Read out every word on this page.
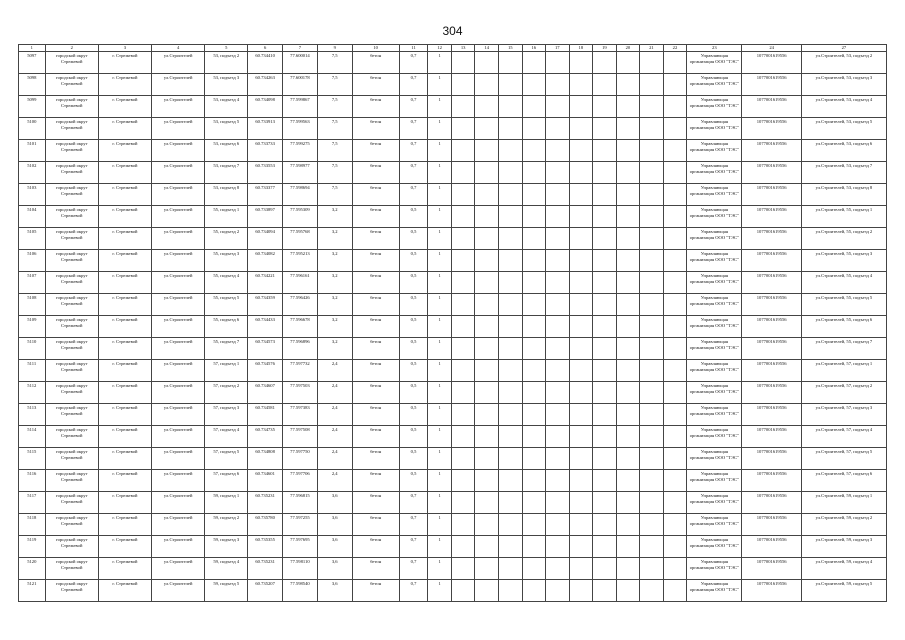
304
1	2	3	4	5	6	7	9	10	11	12	13	14	15	16	17	18	19	20	21	22	23	24	27
5097	городской округ Стрежевой	г. Стрежевой	ул.Строителей	53, подъезд 2	60.734410	77.600014	7,5	бетон	0,7	1											Управляющая организация ООО "ТЭС"	1077001619556	ул.Строителей, 53, подъезд 2
5098	городской округ Стрежевой	г. Стрежевой	ул.Строителей	53, подъезд 3	60.734263	77.600178	7,5	бетон	0,7	1											Управляющая организация ООО "ТЭС"	1077001619556	ул.Строителей, 53, подъезд 3
5099	городской округ Стрежевой	г. Стрежевой	ул.Строителей	53, подъезд 4	60.734098	77.599867	7,5	бетон	0,7	1											Управляющая организация ООО "ТЭС"	1077001619556	ул.Строителей, 53, подъезд 4
5100	городской округ Стрежевой	г. Стрежевой	ул.Строителей	53, подъезд 5	60.733913	77.599563	7,5	бетон	0,7	1											Управляющая организация ООО "ТЭС"	1077001619556	ул.Строителей, 53, подъезд 5
5101	городской округ Стрежевой	г. Стрежевой	ул.Строителей	53, подъезд 6	60.733733	77.599275	7,5	бетон	0,7	1											Управляющая организация ООО "ТЭС"	1077001619556	ул.Строителей, 53, подъезд 6
5102	городской округ Стрежевой	г. Стрежевой	ул.Строителей	53, подъезд 7	60.733553	77.598977	7,5	бетон	0,7	1											Управляющая организация ООО "ТЭС"	1077001619556	ул.Строителей, 53, подъезд 7
5103	городской округ Стрежевой	г. Стрежевой	ул.Строителей	53, подъезд 8	60.733377	77.598694	7,5	бетон	0,7	1											Управляющая организация ООО "ТЭС"	1077001619556	ул.Строителей, 53, подъезд 8
5104	городской округ Стрежевой	г. Стрежевой	ул.Строителей	55, подъезд 1	60.733897	77.595309	3,2	бетон	0,5	1											Управляющая организация ООО "ТЭС"	1077001619556	ул.Строителей, 55, подъезд 1
5105	городской округ Стрежевой	г. Стрежевой	ул.Строителей	55, подъезд 2	60.734094	77.595768	3,2	бетон	0,5	1											Управляющая организация ООО "ТЭС"	1077001619556	ул.Строителей, 55, подъезд 2
5106	городской округ Стрежевой	г. Стрежевой	ул.Строителей	55, подъезд 3	60.734082	77.595213	3,2	бетон	0,5	1											Управляющая организация ООО "ТЭС"	1077001619556	ул.Строителей, 55, подъезд 3
5107	городской округ Стрежевой	г. Стрежевой	ул.Строителей	55, подъезд 4	60.734221	77.596161	3,2	бетон	0,5	1											Управляющая организация ООО "ТЭС"	1077001619556	ул.Строителей, 55, подъезд 4
5108	городской округ Стрежевой	г. Стрежевой	ул.Строителей	55, подъезд 5	60.734359	77.596426	3,2	бетон	0,5	1											Управляющая организация ООО "ТЭС"	1077001619556	ул.Строителей, 55, подъезд 5
5109	городской округ Стрежевой	г. Стрежевой	ул.Строителей	55, подъезд 6	60.734433	77.596678	3,2	бетон	0,5	1											Управляющая организация ООО "ТЭС"	1077001619556	ул.Строителей, 55, подъезд 6
5110	городской округ Стрежевой	г. Стрежевой	ул.Строителей	55, подъезд 7	60.734573	77.596896	3,2	бетон	0,5	1											Управляющая организация ООО "ТЭС"	1077001619556	ул.Строителей, 55, подъезд 7
5111	городской округ Стрежевой	г. Стрежевой	ул.Строителей	57, подъезд 1	60.734576	77.597732	2,4	бетон	0,5	1											Управляющая организация ООО "ТЭС"	1077001619556	ул.Строителей, 57, подъезд 1
5112	городской округ Стрежевой	г. Стрежевой	ул.Строителей	57, подъезд 2	60.734607	77.597503	2,4	бетон	0,5	1											Управляющая организация ООО "ТЭС"	1077001619556	ул.Строителей, 57, подъезд 2
5113	городской округ Стрежевой	г. Стрежевой	ул.Строителей	57, подъезд 3	60.734581	77.597383	2,4	бетон	0,5	1											Управляющая организация ООО "ТЭС"	1077001619556	ул.Строителей, 57, подъезд 3
5114	городской округ Стрежевой	г. Стрежевой	ул.Строителей	57, подъезд 4	60.734735	77.597508	2,4	бетон	0,5	1											Управляющая организация ООО "ТЭС"	1077001619556	ул.Строителей, 57, подъезд 4
5115	городской округ Стрежевой	г. Стрежевой	ул.Строителей	57, подъезд 5	60.734808	77.597750	2,4	бетон	0,5	1											Управляющая организация ООО "ТЭС"	1077001619556	ул.Строителей, 57, подъезд 5
5116	городской округ Стрежевой	г. Стрежевой	ул.Строителей	57, подъезд 6	60.734601	77.597706	2,4	бетон	0,5	1											Управляющая организация ООО "ТЭС"	1077001619556	ул.Строителей, 57, подъезд 6
5117	городской округ Стрежевой	г. Стрежевой	ул.Строителей	59, подъезд 1	60.735231	77.596815	3,6	бетон	0,7	1											Управляющая организация ООО "ТЭС"	1077001619556	ул.Строителей, 59, подъезд 1
5118	городской округ Стрежевой	г. Стрежевой	ул.Строителей	59, подъезд 2	60.735780	77.597255	3,6	бетон	0,7	1											Управляющая организация ООО "ТЭС"	1077001619556	ул.Строителей, 59, подъезд 2
5119	городской округ Стрежевой	г. Стрежевой	ул.Строителей	59, подъезд 3	60.735355	77.597695	3,6	бетон	0,7	1											Управляющая организация ООО "ТЭС"	1077001619556	ул.Строителей, 59, подъезд 3
5120	городской округ Стрежевой	г. Стрежевой	ул.Строителей	59, подъезд 4	60.735231	77.598110	3,6	бетон	0,7	1											Управляющая организация ООО "ТЭС"	1077001619556	ул.Строителей, 59, подъезд 4
5121	городской округ Стрежевой	г. Стрежевой	ул.Строителей	59, подъезд 5	60.735207	77.598540	3,6	бетон	0,7	1											Управляющая организация ООО "ТЭС"	1077001619556	ул.Строителей, 59, подъезд 5
